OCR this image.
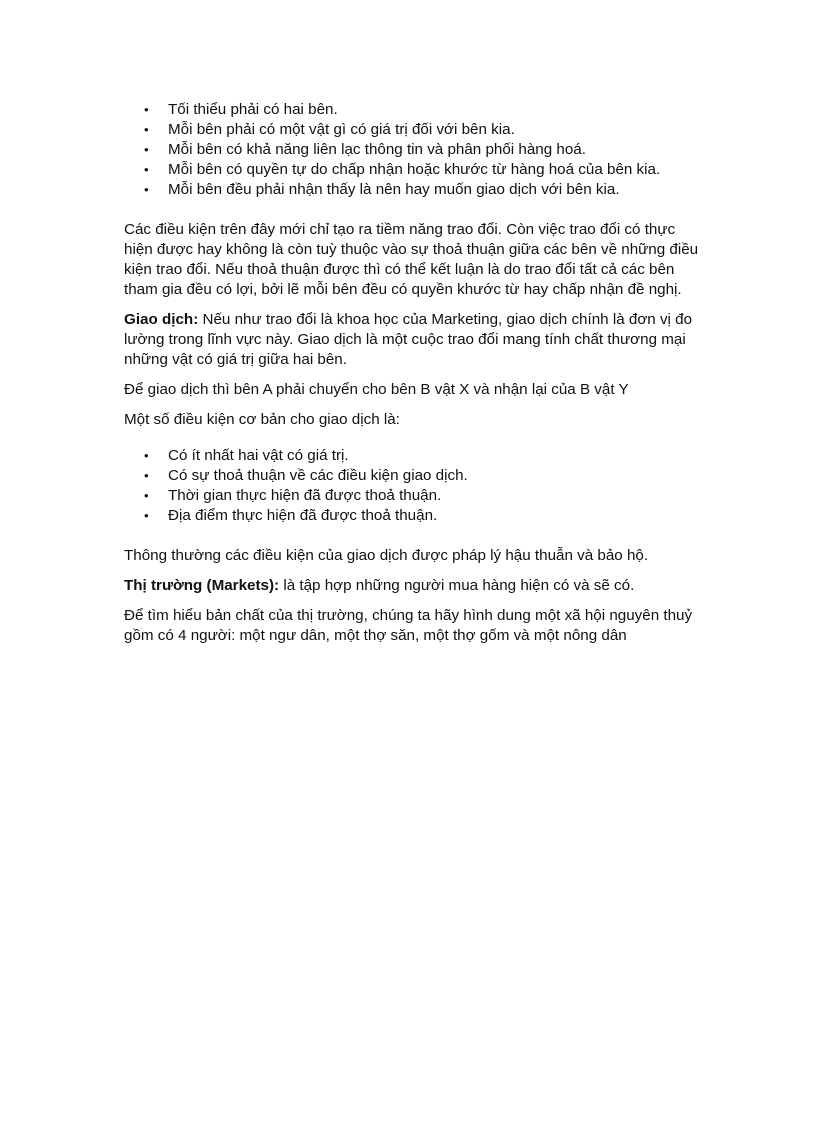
• Tối thiểu phải có hai bên.
• Mỗi bên phải có một vật gì có giá trị đối với bên kia.
• Mỗi bên có khả năng liên lạc thông tin và phân phối hàng hoá.
• Mỗi bên có quyền tự do chấp nhận hoặc khước từ hàng hoá của bên kia.
• Mỗi bên đều phải nhận thấy là nên hay muốn giao dịch với bên kia.

Các điều kiện trên đây mới chỉ tạo ra tiềm năng trao đổi. Còn việc trao đổi có thực hiện được hay không là còn tuỳ thuộc vào sự thoả thuận giữa các bên về những điều kiện trao đổi. Nếu thoả thuận được thì có thể kết luận là do trao đổi tất cả các bên tham gia đều có lợi, bởi lẽ mỗi bên đều có quyền khước từ hay chấp nhận đề nghị.

Giao dịch: Nếu như trao đổi là khoa học của Marketing, giao dịch chính là đơn vị đo lường trong lĩnh vực này. Giao dịch là một cuộc trao đổi mang tính chất thương mại những vật có giá trị giữa hai bên.

Để giao dịch thì bên A phải chuyển cho bên B vật X và nhận lại của B vật Y

Một số điều kiện cơ bản cho giao dịch là:

• Có ít nhất hai vật có giá trị.
• Có sự thoả thuận về các điều kiện giao dịch.
• Thời gian thực hiện đã được thoả thuận.
• Địa điểm thực hiện đã được thoả thuận.

Thông thường các điều kiện của giao dịch được pháp lý hậu thuẫn và bảo hộ.

Thị trường (Markets): là tập hợp những người mua hàng hiện có và sẽ có.

Để tìm hiểu bản chất của thị trường, chúng ta hãy hình dung một xã hội nguyên thuỷ gồm có 4 người: một ngư dân, một thợ săn, một thợ gốm và một nông dân
